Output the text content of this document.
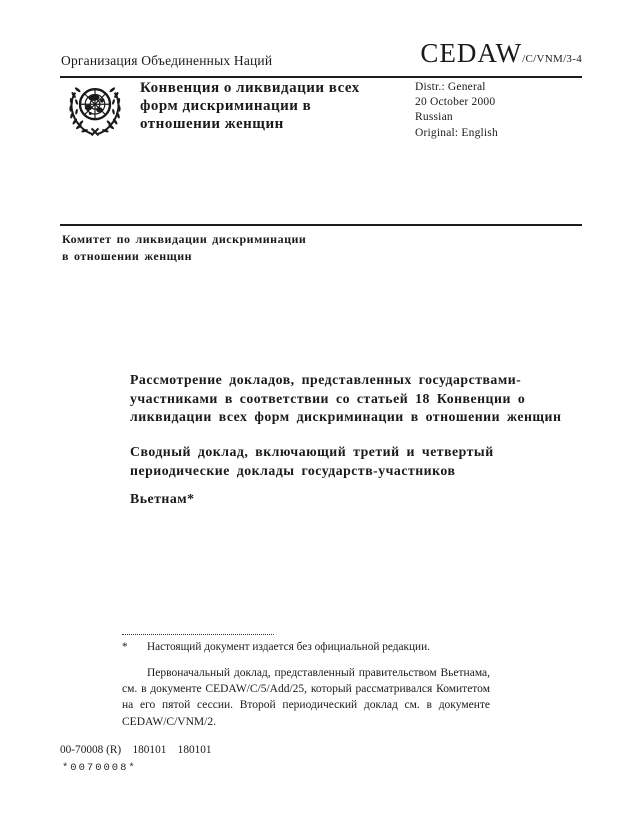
Организация Объединенных Наций	CEDAW/C/VNM/3-4
Конвенция о ликвидации всех
форм дискриминации в
отношении женщин
Distr.: General
20 October 2000
Russian
Original: English
Комитет по ликвидации дискриминации
в отношении женщин
Рассмотрение докладов, представленных государствами-
участниками в соответствии со статьей 18 Конвенции о
ликвидации всех форм дискриминации в отношении женщин
Сводный доклад, включающий третий и четвертый
периодические доклады государств-участников
Вьетнам*
* Настоящий документ издается без официальной редакции.
Первоначальный доклад, представленный правительством Вьетнама, см. в документе CEDAW/C/5/Add/25, который рассматривался Комитетом на его пятой сессии. Второй периодический доклад см. в документе CEDAW/C/VNM/2.
00-70008 (R)    180101    180101
*0070008*
